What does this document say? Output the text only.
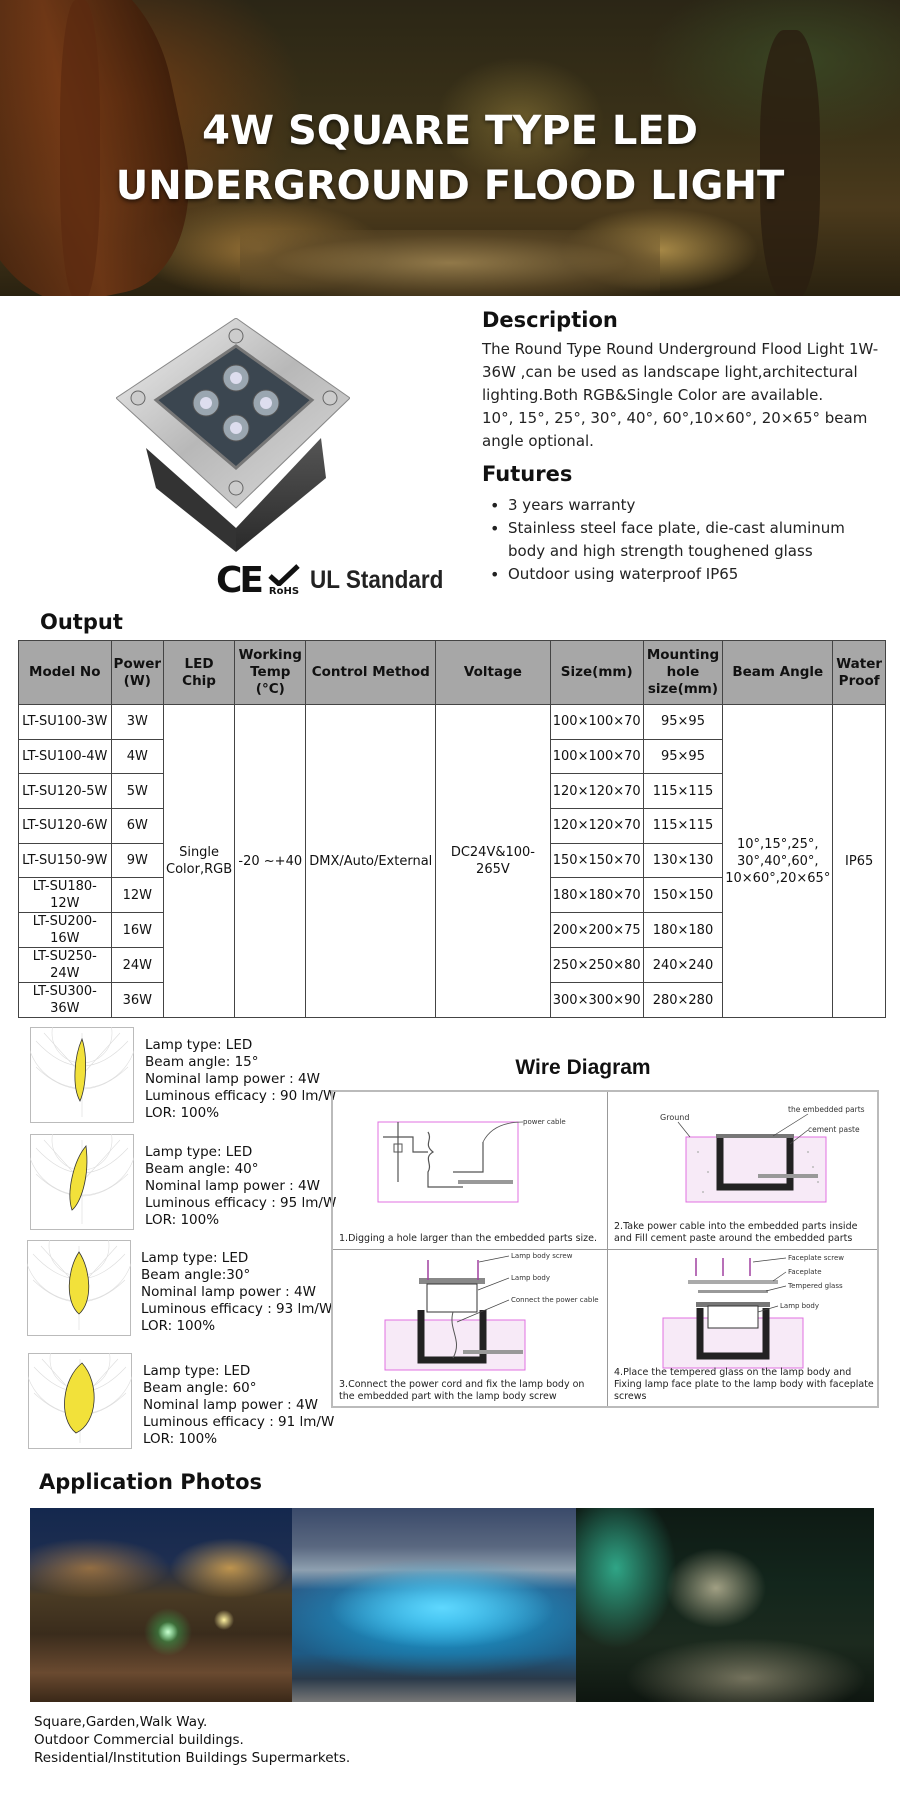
4W SQUARE TYPE LED
UNDERGROUND FLOOD LIGHT
CE RoHS UL Standard
Description

The Round Type Round Underground Flood Light 1W-36W ,can be used as landscape light,architectural lighting.Both RGB&Single Color are available.
10°, 15°, 25°, 30°, 40°, 60°,10×60°, 20×65° beam angle optional.

Futures
• 3 years warranty
• Stainless steel face plate, die-cast aluminum body and high strength toughened glass
• Outdoor using waterproof IP65
Output
Model No	Power (W)	LED Chip	Working Temp (°C)	Control Method	Voltage	Size(mm)	Mounting hole size(mm)	Beam Angle	Water Proof
LT-SU100-3W	3W	Single Color,RGB	-20 ~+40	DMX/Auto/External	DC24V&100-265V	100×100×70	95×95	10°,15°,25°, 30°,40°,60°, 10×60°,20×65°	IP65
LT-SU100-4W	4W					100×100×70	95×95		
LT-SU120-5W	5W					120×120×70	115×115		
LT-SU120-6W	6W					120×120×70	115×115		
LT-SU150-9W	9W					150×150×70	130×130		
LT-SU180-12W	12W					180×180×70	150×150		
LT-SU200-16W	16W					200×200×75	180×180		
LT-SU250-24W	24W					250×250×80	240×240		
LT-SU300-36W	36W					300×300×90	280×280		
Lamp type: LED
Beam angle: 15°
Nominal lamp power : 4W
Luminous efficacy : 90 lm/W
LOR: 100%
Lamp type: LED
Beam angle: 40°
Nominal lamp power : 4W
Luminous efficacy : 95 lm/W
LOR: 100%
Lamp type: LED
Beam angle:30°
Nominal lamp power : 4W
Luminous efficacy : 93 lm/W
LOR: 100%
Lamp type: LED
Beam angle: 60°
Nominal lamp power : 4W
Luminous efficacy : 91 lm/W
LOR: 100%
Wire Diagram
power cable
1.Digging a hole larger than the embedded parts size.
Ground
the embedded parts
cement paste
2.Take power cable into the embedded parts inside and Fill cement paste around the embedded parts
Lamp body screw
Lamp body
Connect the power cable
3.Connect the power cord and fix the lamp body on the embedded part with the lamp body screw
Faceplate screw
Faceplate
Tempered glass
Lamp body
4.Place the tempered glass on the lamp body and Fixing lamp face plate to the lamp body with faceplate screws
Application Photos
Square,Garden,Walk Way.
Outdoor Commercial buildings.
Residential/Institution Buildings Supermarkets.
